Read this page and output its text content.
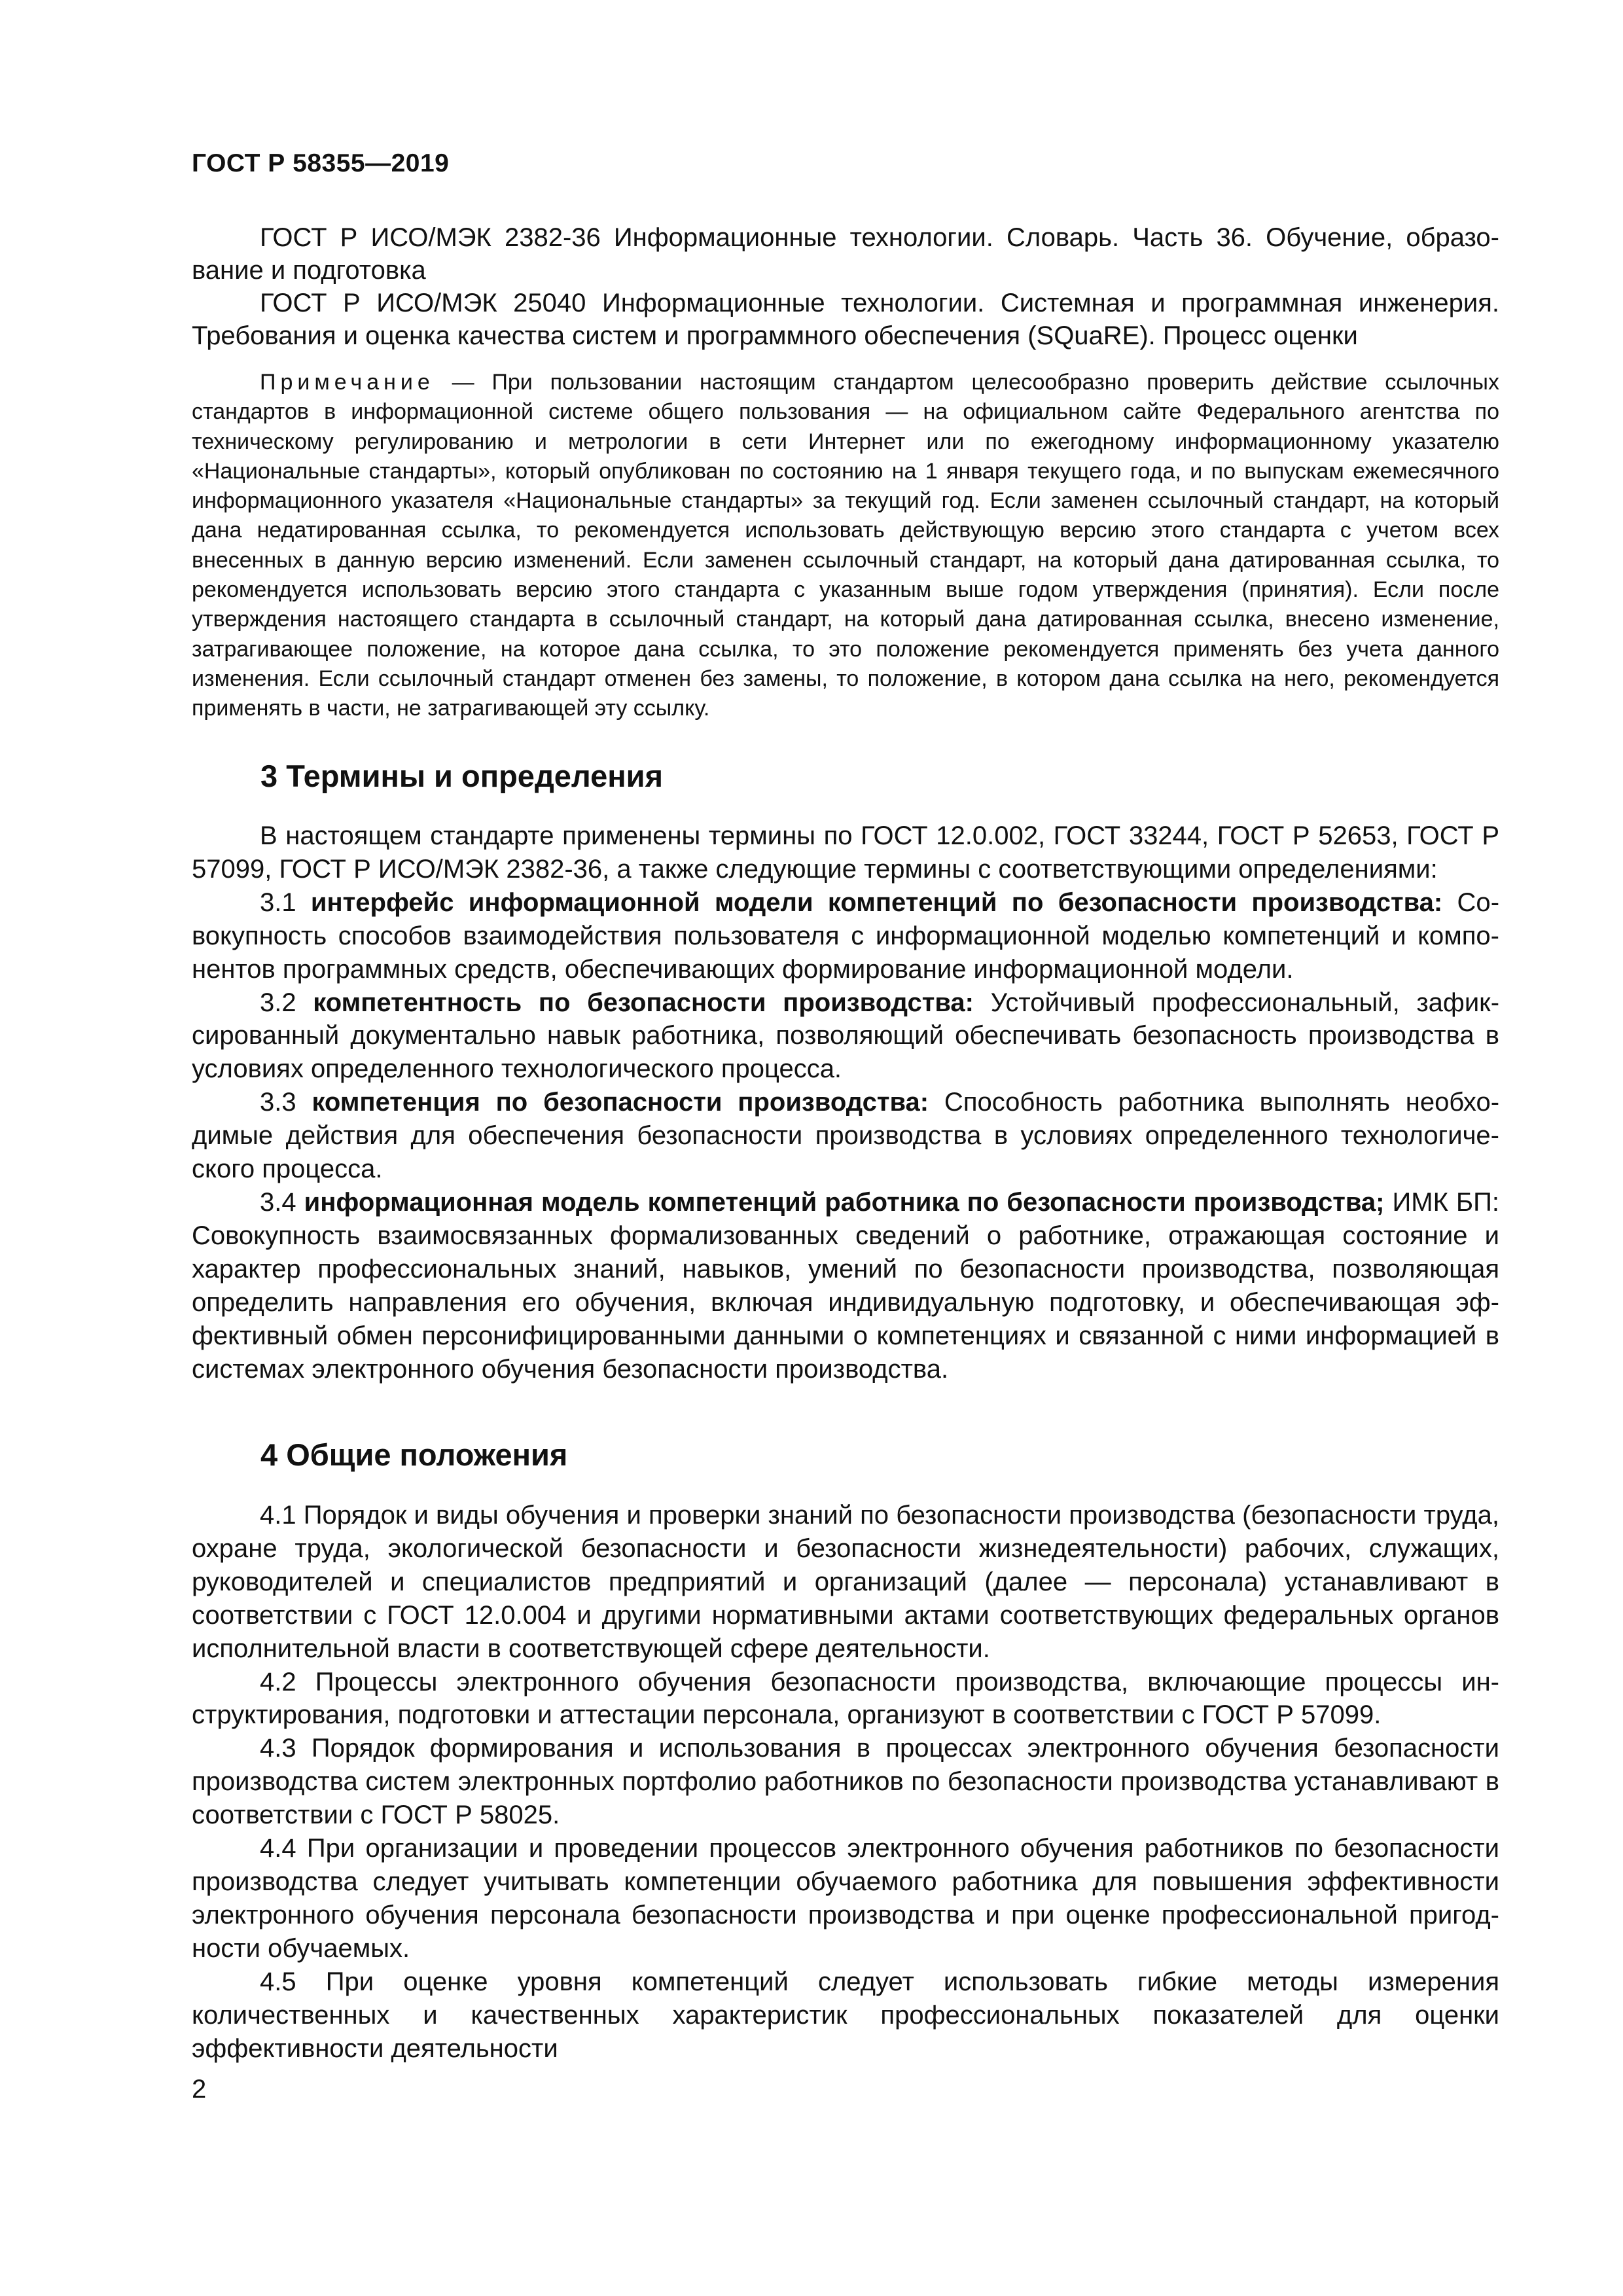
ГОСТ Р 58355—2019

ГОСТ Р ИСО/МЭК 2382-36 Информационные технологии. Словарь. Часть 36. Обучение, образование и подготовка

ГОСТ Р ИСО/МЭК 25040 Информационные технологии. Системная и программная инженерия. Требования и оценка качества систем и программного обеспечения (SQuaRE). Процесс оценки

Примечание — При пользовании настоящим стандартом целесообразно проверить действие ссылочных стандартов в информационной системе общего пользования — на официальном сайте Федерального агентства по техническому регулированию и метрологии в сети Интернет или по ежегодному информационному указателю «Национальные стандарты», который опубликован по состоянию на 1 января текущего года, и по выпускам ежемесячного информационного указателя «Национальные стандарты» за текущий год. Если заменен ссылочный стандарт, на который дана недатированная ссылка, то рекомендуется использовать действующую версию этого стандарта с учетом всех внесенных в данную версию изменений. Если заменен ссылочный стандарт, на который дана датированная ссылка, то рекомендуется использовать версию этого стандарта с указанным выше годом утверждения (принятия). Если после утверждения настоящего стандарта в ссылочный стандарт, на который дана датированная ссылка, внесено изменение, затрагивающее положение, на которое дана ссылка, то это положение рекомендуется применять без учета данного изменения. Если ссылочный стандарт отменен без замены, то положение, в котором дана ссылка на него, рекомендуется применять в части, не затрагивающей эту ссылку.

3 Термины и определения

В настоящем стандарте применены термины по ГОСТ 12.0.002, ГОСТ 33244, ГОСТ Р 52653, ГОСТ Р 57099, ГОСТ Р ИСО/МЭК 2382-36, а также следующие термины с соответствующими определениями:

3.1 интерфейс информационной модели компетенций по безопасности производства: Совокупность способов взаимодействия пользователя с информационной моделью компетенций и компонентов программных средств, обеспечивающих формирование информационной модели.

3.2 компетентность по безопасности производства: Устойчивый профессиональный, зафиксированный документально навык работника, позволяющий обеспечивать безопасность производства в условиях определенного технологического процесса.

3.3 компетенция по безопасности производства: Способность работника выполнять необходимые действия для обеспечения безопасности производства в условиях определенного технологического процесса.

3.4 информационная модель компетенций работника по безопасности производства; ИМК БП: Совокупность взаимосвязанных формализованных сведений о работнике, отражающая состояние и характер профессиональных знаний, навыков, умений по безопасности производства, позволяющая определить направления его обучения, включая индивидуальную подготовку, и обеспечивающая эффективный обмен персонифицированными данными о компетенциях и связанной с ними информацией в системах электронного обучения безопасности производства.

4 Общие положения

4.1 Порядок и виды обучения и проверки знаний по безопасности производства (безопасности труда, охране труда, экологической безопасности и безопасности жизнедеятельности) рабочих, служащих, руководителей и специалистов предприятий и организаций (далее — персонала) устанавливают в соответствии с ГОСТ 12.0.004 и другими нормативными актами соответствующих федеральных органов исполнительной власти в соответствующей сфере деятельности.

4.2 Процессы электронного обучения безопасности производства, включающие процессы инструктирования, подготовки и аттестации персонала, организуют в соответствии с ГОСТ Р 57099.

4.3 Порядок формирования и использования в процессах электронного обучения безопасности производства систем электронных портфолио работников по безопасности производства устанавливают в соответствии с ГОСТ Р 58025.

4.4 При организации и проведении процессов электронного обучения работников по безопасности производства следует учитывать компетенции обучаемого работника для повышения эффективности электронного обучения персонала безопасности производства и при оценке профессиональной пригодности обучаемых.

4.5 При оценке уровня компетенций следует использовать гибкие методы измерения количественных и качественных характеристик профессиональных показателей для оценки эффективности деятельности

2
